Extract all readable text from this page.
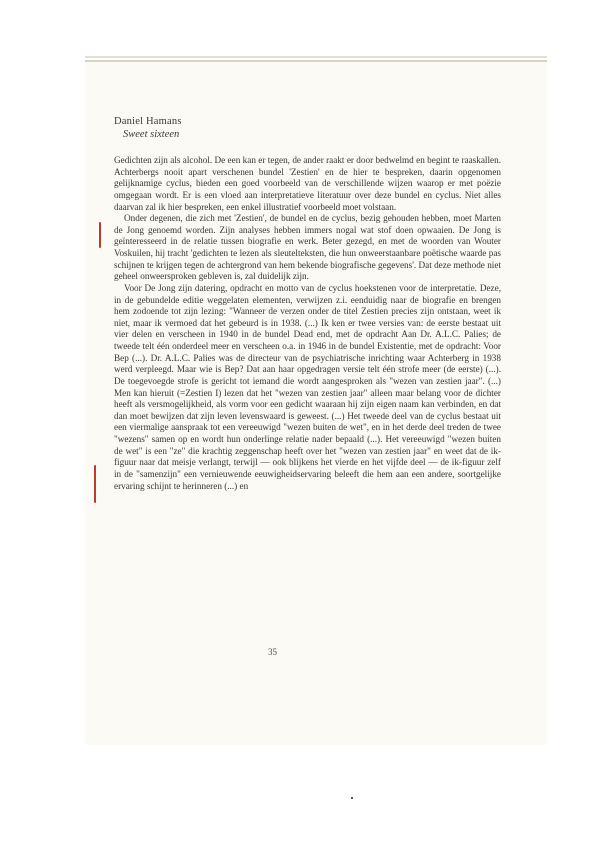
Daniel Hamans

Sweet sixteen

Gedichten zijn als alcohol. De een kan er tegen, de ander raakt er door bedwelmd en begint te raaskallen. Achterbergs nooit apart verschenen bundel 'Zestien' en de hier te bespreken, daarin opgenomen gelijknamige cyclus, bieden een goed voorbeeld van de verschillende wijzen waarop er met poëzie omgegaan wordt. Er is een vloed aan interpretatieve literatuur over deze bundel en cyclus. Niet alles daarvan zal ik hier bespreken, een enkel illustratief voorbeeld moet volstaan.

Onder degenen, die zich met 'Zestien', de bundel en de cyclus, bezig gehouden hebben, moet Marten de Jong genoemd worden. Zijn analyses hebben immers nogal wat stof doen opwaaien. De Jong is geïnteresseerd in de relatie tussen biografie en werk. Beter gezegd, en met de woorden van Wouter Voskuilen, hij tracht 'gedichten te lezen als sleutelteksten, die hun onweerstaanbare poëtische waarde pas schijnen te krijgen tegen de achtergrond van hem bekende biografische gegevens'. Dat deze methode niet geheel onweersproken gebleven is, zal duidelijk zijn.

Voor De Jong zijn datering, opdracht en motto van de cyclus hoekstenen voor de interpretatie. Deze, in de gebundelde editie weggelaten elementen, verwijzen z.i. eenduidig naar de biografie en brengen hem zodoende tot zijn lezing: "Wanneer de verzen onder de titel Zestien precies zijn ontstaan, weet ik niet, maar ik vermoed dat het gebeurd is in 1938. (...) Ik ken er twee versies van: de eerste bestaat uit vier delen en verscheen in 1940 in de bundel Dead end, met de opdracht Aan Dr. A.L.C. Palies; de tweede telt één onderdeel meer en verscheen o.a. in 1946 in de bundel Existentie, met de opdracht: Voor Bep (...). Dr. A.L.C. Palies was de directeur van de psychiatrische inrichting waar Achterberg in 1938 werd verpleegd. Maar wie is Bep? Dat aan haar opgedragen versie telt één strofe meer (de eerste) (...). De toegevoegde strofe is gericht tot iemand die wordt aangesproken als "wezen van zestien jaar". (...) Men kan hieruit (=Zestien I) lezen dat het "wezen van zestien jaar" alleen maar belang voor de dichter heeft als versmogelijkheid, als vorm voor een gedicht waaraan hij zijn eigen naam kan verbinden, en dat dan moet bewijzen dat zijn leven levenswaard is geweest. (...) Het tweede deel van de cyclus bestaat uit een viermalige aanspraak tot een vereeuwigd "wezen buiten de wet", en in het derde deel treden de twee "wezens" samen op en wordt hun onderlinge relatie nader bepaald (...). Het vereeuwigd "wezen buiten de wet" is een "ze" die krachtig zeggenschap heeft over het "wezen van zestien jaar" en weet dat de ik-figuur naar dat meisje verlangt, terwijl — ook blijkens het vierde en het vijfde deel — de ik-figuur zelf in de "samenzijn" een vernieuwende eeuwigheidservaring beleeft die hem aan een andere, soortgelijke ervaring schijnt te herinneren (...) en

35
